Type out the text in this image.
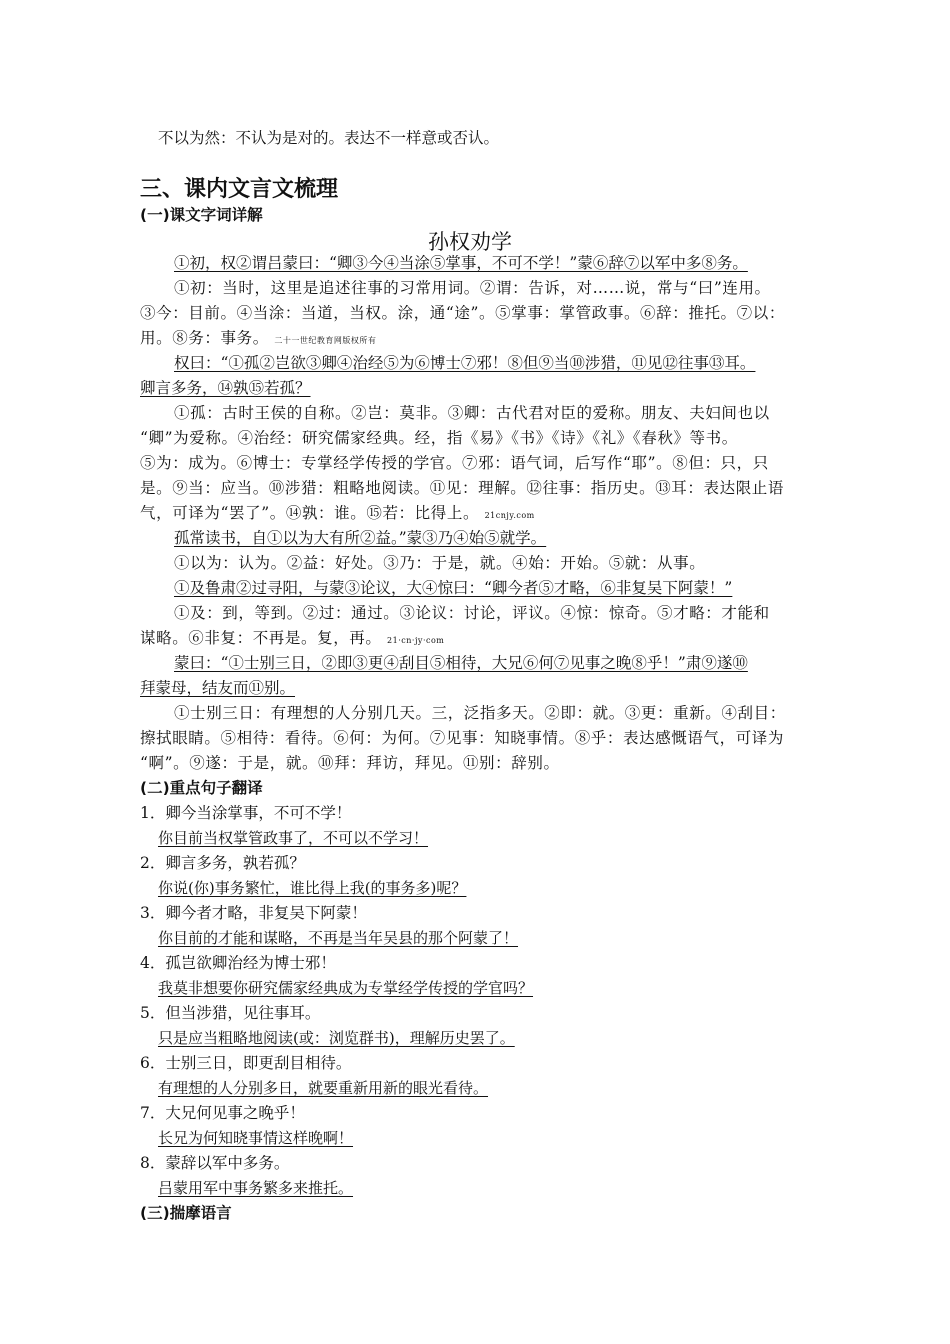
不以为然：不认为是对的。表达不一样意或否认。
三、课内文言文梳理
(一)课文字词详解
孙权劝学
①初，权②谓吕蒙曰：“卿③今④当涂⑤掌事，不可不学！”蒙⑥辞⑦以军中多⑧务。
①初：当时，这里是追述往事的习常用词。②谓：告诉，对……说，常与“曰”连用。
③今：目前。④当涂：当道，当权。涂，通“途”。⑤掌事：掌管政事。⑥辞：推托。⑦以：
用。⑧务：事务。 二十一世纪教育网版权所有
权曰：“①孤②岂欲③卿④治经⑤为⑥博士⑦邪！⑧但⑨当⑩涉猎，⑪见⑫往事⑬耳。
卿言多务，⑭孰⑮若孤？
①孤：古时王侯的自称。②岂：莫非。③卿：古代君对臣的爱称。朋友、夫妇间也以
“卿”为爱称。④治经：研究儒家经典。经，指《易》《书》《诗》《礼》《春秋》等书。
⑤为：成为。⑥博士：专掌经学传授的学官。⑦邪：语气词，后写作“耶”。⑧但：只，只
是。⑨当：应当。⑩涉猎：粗略地阅读。⑪见：理解。⑫往事：指历史。⑬耳：表达限止语
气，可译为“罢了”。⑭孰：谁。⑮若：比得上。 21cnjy.com
孤常读书，自①以为大有所②益。”蒙③乃④始⑤就学。
①以为：认为。②益：好处。③乃：于是，就。④始：开始。⑤就：从事。
①及鲁肃②过寻阳，与蒙③论议，大④惊曰：“卿今者⑤才略，⑥非复吴下阿蒙！”
①及：到，等到。②过：通过。③论议：讨论，评议。④惊：惊奇。⑤才略：才能和
谋略。⑥非复：不再是。复，再。 21·cn·jy·com
蒙曰：“①士别三日，②即③更④刮目⑤相待，大兄⑥何⑦见事之晚⑧乎！”肃⑨遂⑩
拜蒙母，结友而⑪别。
①士别三日：有理想的人分别几天。三，泛指多天。②即：就。③更：重新。④刮目：
擦拭眼睛。⑤相待：看待。⑥何：为何。⑦见事：知晓事情。⑧乎：表达感慨语气，可译为
“啊”。⑨遂：于是，就。⑩拜：拜访，拜见。⑪别：辞别。
(二)重点句子翻译
1．卿今当涂掌事，不可不学！
你目前当权掌管政事了，不可以不学习！
2．卿言多务，孰若孤？
你说(你)事务繁忙，谁比得上我(的事务多)呢？
3．卿今者才略，非复吴下阿蒙！
你目前的才能和谋略，不再是当年吴县的那个阿蒙了！
4．孤岂欲卿治经为博士邪！
我莫非想要你研究儒家经典成为专掌经学传授的学官吗？
5．但当涉猎，见往事耳。
只是应当粗略地阅读(或：浏览群书)，理解历史罢了。
6．士别三日，即更刮目相待。
有理想的人分别多日，就要重新用新的眼光看待。
7．大兄何见事之晚乎！
长兄为何知晓事情这样晚啊！
8．蒙辞以军中多务。
吕蒙用军中事务繁多来推托。
(三)揣摩语言
